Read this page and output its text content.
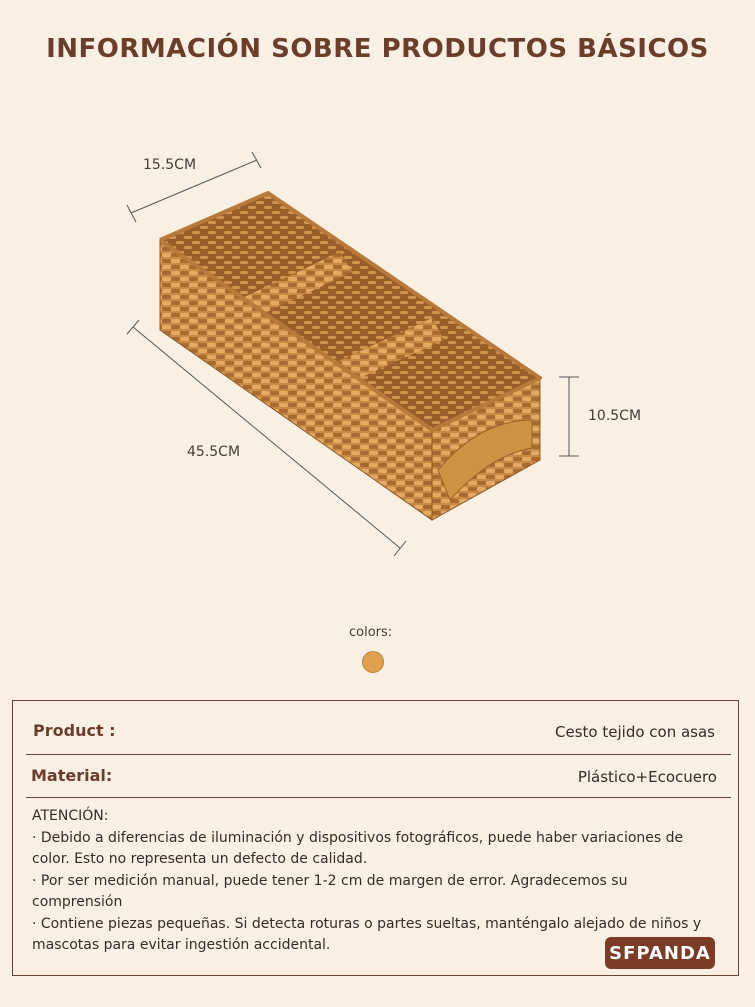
INFORMACIÓN SOBRE PRODUCTOS BÁSICOS
15.5CM
45.5CM
10.5CM
colors:
Product :	Cesto tejido con asas
Material:	Plástico+Ecocuero

ATENCIÓN:

· Debido a diferencias de iluminación y dispositivos fotográficos, puede haber variaciones de color. Esto no representa un defecto de calidad.

· Por ser medición manual, puede tener 1-2 cm de margen de error. Agradecemos su comprensión

· Contiene piezas pequeñas. Si detecta roturas o partes sueltas, manténgalo alejado de niños y mascotas para evitar ingestión accidental.	SFPANDA
